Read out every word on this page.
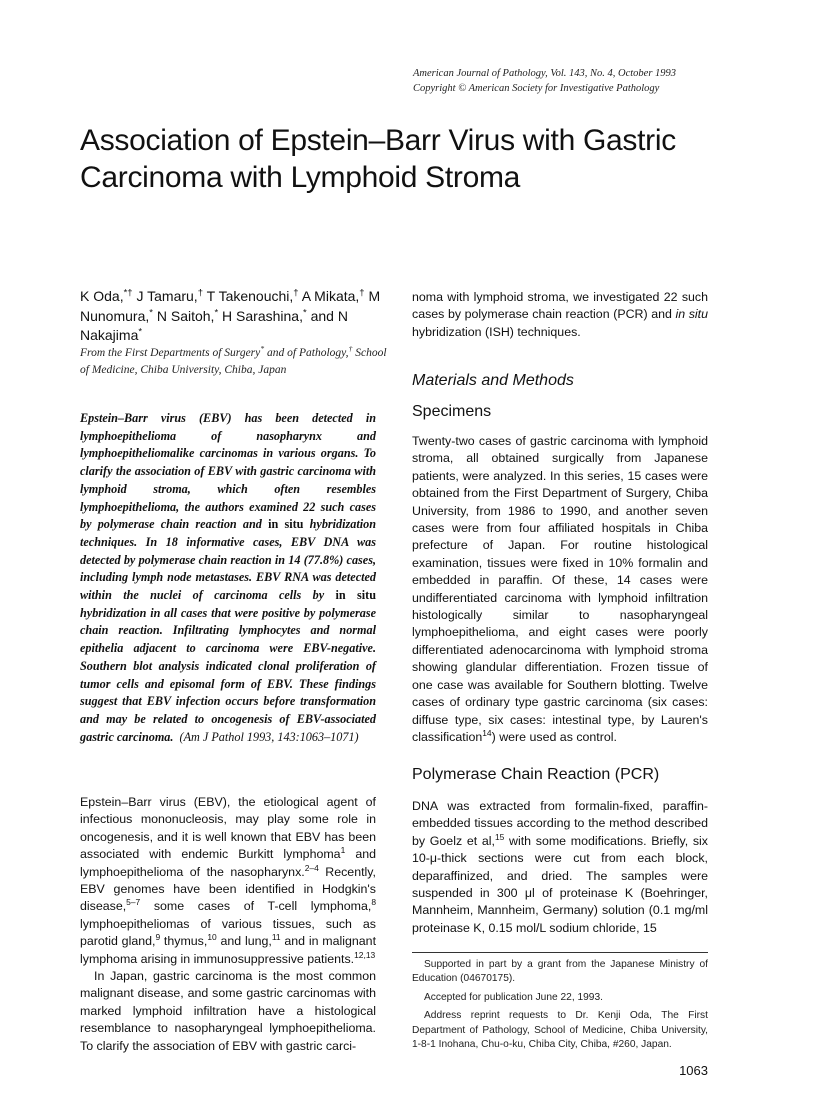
American Journal of Pathology, Vol. 143, No. 4, October 1993
Copyright © American Society for Investigative Pathology
Association of Epstein–Barr Virus with Gastric Carcinoma with Lymphoid Stroma

K Oda,*† J Tamaru,† T Takenouchi,† A Mikata,† M Nunomura,* N Saitoh,* H Sarashina,* and N Nakajima*

From the First Departments of Surgery* and of Pathology,† School of Medicine, Chiba University, Chiba, Japan

Epstein–Barr virus (EBV) has been detected in lymphoepithelioma of nasopharynx and lymphoepitheliomalike carcinomas in various organs. To clarify the association of EBV with gastric carcinoma with lymphoid stroma, which often resembles lymphoepithelioma, the authors examined 22 such cases by polymerase chain reaction and in situ hybridization techniques. In 18 informative cases, EBV DNA was detected by polymerase chain reaction in 14 (77.8%) cases, including lymph node metastases. EBV RNA was detected within the nuclei of carcinoma cells by in situ hybridization in all cases that were positive by polymerase chain reaction. Infiltrating lymphocytes and normal epithelia adjacent to carcinoma were EBV-negative. Southern blot analysis indicated clonal proliferation of tumor cells and episomal form of EBV. These findings suggest that EBV infection occurs before transformation and may be related to oncogenesis of EBV-associated gastric carcinoma. (Am J Pathol 1993, 143:1063–1071)

Epstein–Barr virus (EBV), the etiological agent of infectious mononucleosis, may play some role in oncogenesis, and it is well known that EBV has been associated with endemic Burkitt lymphoma$^1$ and lymphoepithelioma of the nasopharynx.$^{2-4}$ Recently, EBV genomes have been identified in Hodgkin's disease,$^{5-7}$ some cases of T-cell lymphoma,$^8$ lymphoepitheliomas of various tissues, such as parotid gland,$^9$ thymus,$^{10}$ and lung,$^{11}$ and in malignant lymphoma arising in immunosuppressive patients.$^{12,13}$

In Japan, gastric carcinoma is the most common malignant disease, and some gastric carcinomas with marked lymphoid infiltration have a histological resemblance to nasopharyngeal lymphoepithelioma. To clarify the association of EBV with gastric carci-

noma with lymphoid stroma, we investigated 22 such cases by polymerase chain reaction (PCR) and in situ hybridization (ISH) techniques.

Materials and Methods
Specimens

Twenty-two cases of gastric carcinoma with lymphoid stroma, all obtained surgically from Japanese patients, were analyzed. In this series, 15 cases were obtained from the First Department of Surgery, Chiba University, from 1986 to 1990, and another seven cases were from four affiliated hospitals in Chiba prefecture of Japan. For routine histological examination, tissues were fixed in 10% formalin and embedded in paraffin. Of these, 14 cases were undifferentiated carcinoma with lymphoid infiltration histologically similar to nasopharyngeal lymphoepithelioma, and eight cases were poorly differentiated adenocarcinoma with lymphoid stroma showing glandular differentiation. Frozen tissue of one case was available for Southern blotting. Twelve cases of ordinary type gastric carcinoma (six cases: diffuse type, six cases: intestinal type, by Lauren's classification$^{14}$) were used as control.

Polymerase Chain Reaction (PCR)

DNA was extracted from formalin-fixed, paraffin-embedded tissues according to the method described by Goelz et al,$^{15}$ with some modifications. Briefly, six 10-μ-thick sections were cut from each block, deparaffinized, and dried. The samples were suspended in 300 μl of proteinase K (Boehringer, Mannheim, Mannheim, Germany) solution (0.1 mg/ml proteinase K, 0.15 mol/L sodium chloride, 15

Supported in part by a grant from the Japanese Ministry of Education (04670175).

Accepted for publication June 22, 1993.

Address reprint requests to Dr. Kenji Oda, The First Department of Pathology, School of Medicine, Chiba University, 1-8-1 Inohana, Chu-o-ku, Chiba City, Chiba, #260, Japan.

1063
